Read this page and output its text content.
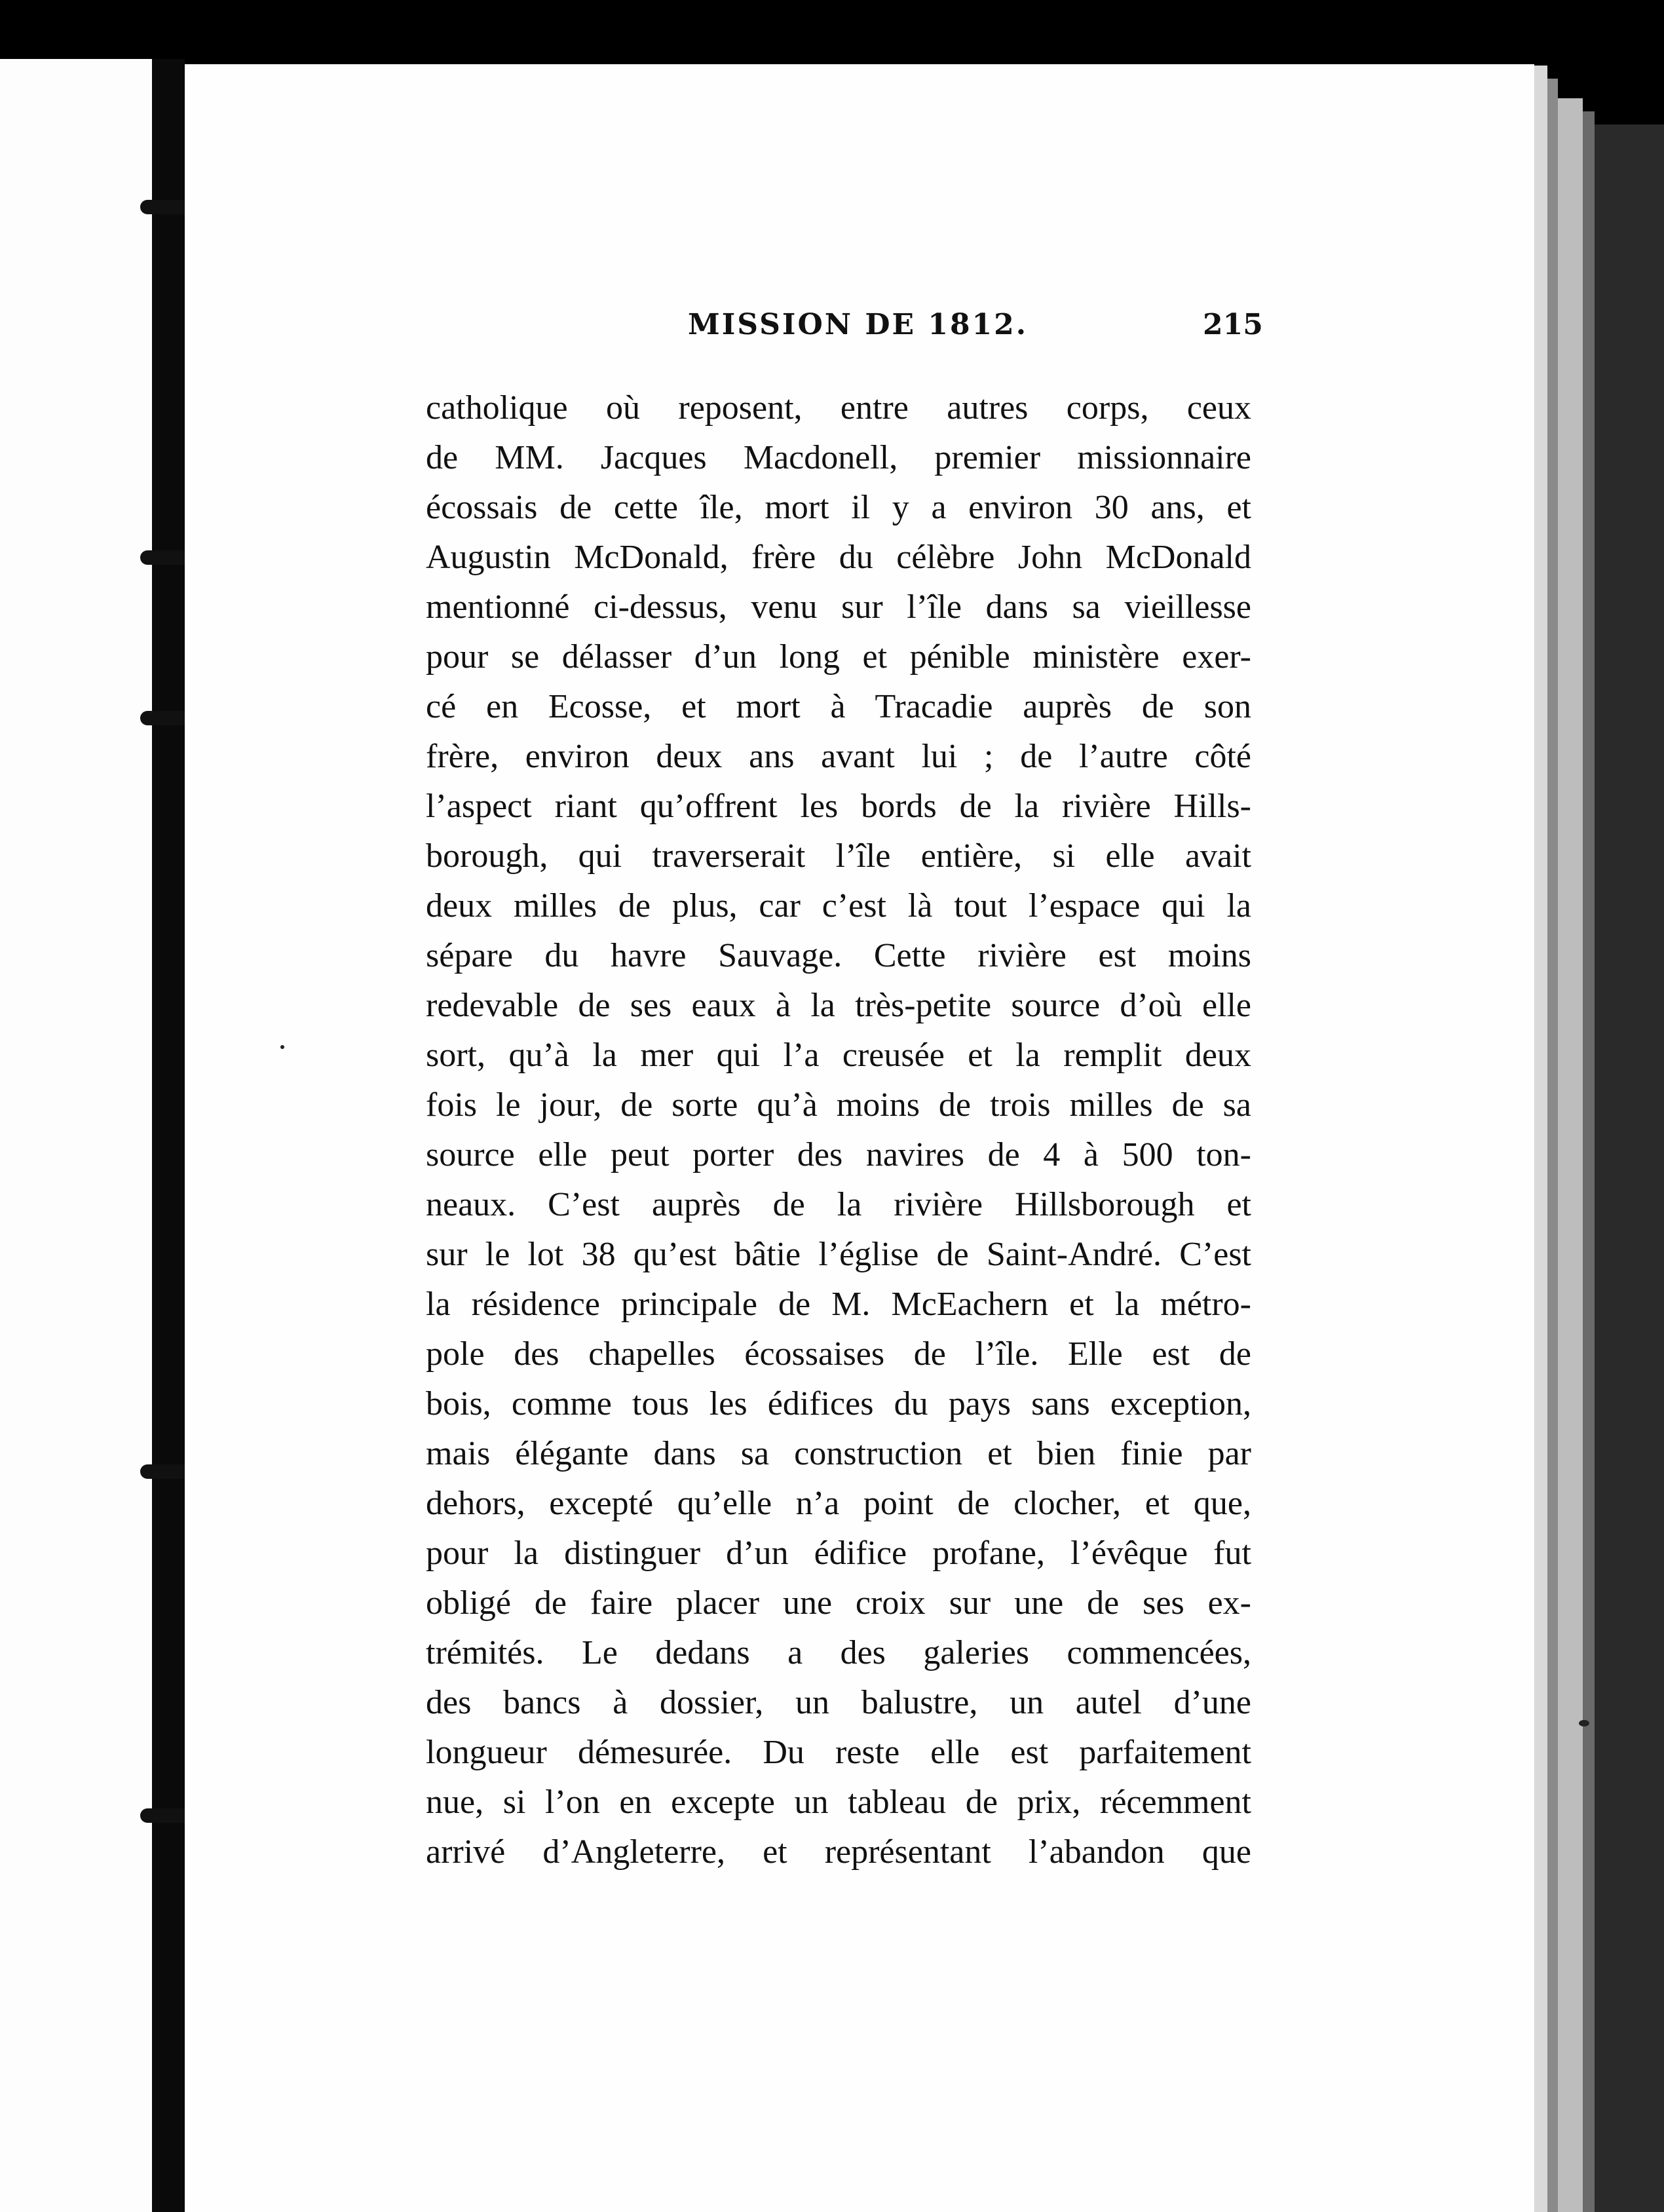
MISSION DE 1812.	215
catholique où reposent, entre autres corps, ceux
de MM. Jacques Macdonell, premier missionnaire
écossais de cette île, mort il y a environ 30 ans, et
Augustin McDonald, frère du célèbre John McDonald
mentionné ci-dessus, venu sur l’île dans sa vieillesse
pour se délasser d’un long et pénible ministère exer-
cé en Ecosse, et mort à Tracadie auprès de son
frère, environ deux ans avant lui ; de l’autre côté
l’aspect riant qu’offrent les bords de la rivière Hills-
borough, qui traverserait l’île entière, si elle avait
deux milles de plus, car c’est là tout l’espace qui la
sépare du havre Sauvage. Cette rivière est moins
redevable de ses eaux à la très-petite source d’où elle
sort, qu’à la mer qui l’a creusée et la remplit deux
fois le jour, de sorte qu’à moins de trois milles de sa
source elle peut porter des navires de 4 à 500 ton-
neaux. C’est auprès de la rivière Hillsborough et
sur le lot 38 qu’est bâtie l’église de Saint-André. C’est
la résidence principale de M. McEachern et la métro-
pole des chapelles écossaises de l’île. Elle est de
bois, comme tous les édifices du pays sans exception,
mais élégante dans sa construction et bien finie par
dehors, excepté qu’elle n’a point de clocher, et que,
pour la distinguer d’un édifice profane, l’évêque fut
obligé de faire placer une croix sur une de ses ex-
trémités. Le dedans a des galeries commencées,
des bancs à dossier, un balustre, un autel d’une
longueur démesurée. Du reste elle est parfaitement
nue, si l’on en excepte un tableau de prix, récemment
arrivé d’Angleterre, et représentant l’abandon que
